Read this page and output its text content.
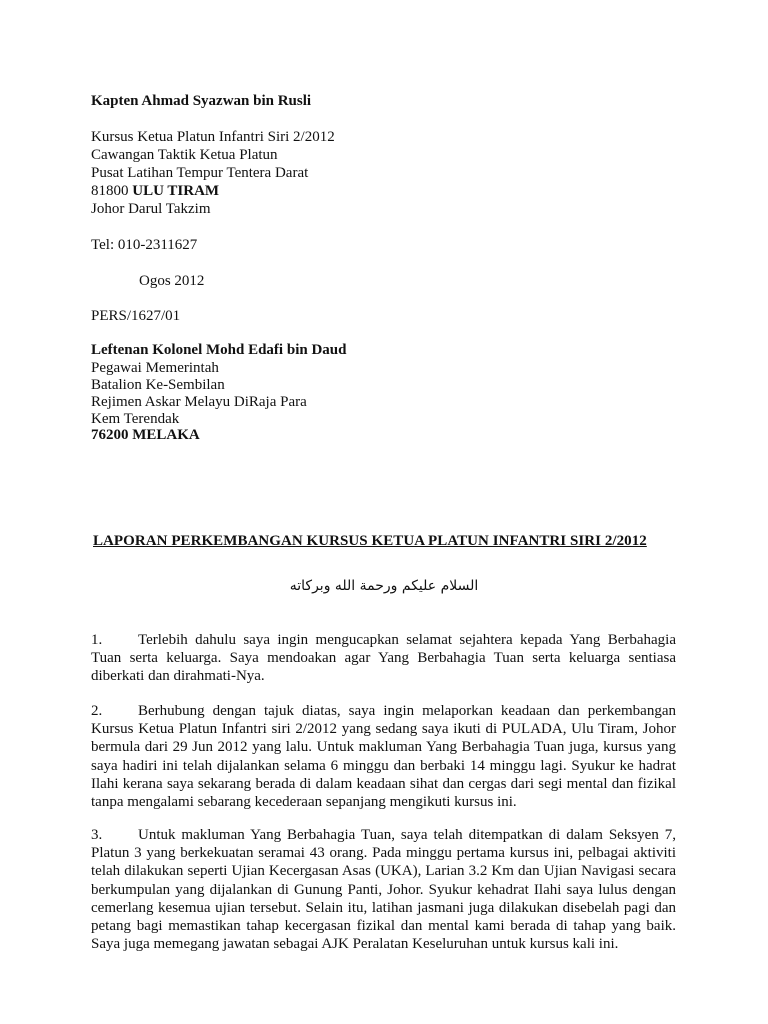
Kapten Ahmad Syazwan bin Rusli
Kursus Ketua Platun Infantri Siri 2/2012
Cawangan Taktik Ketua Platun
Pusat Latihan Tempur Tentera Darat
81800 ULU TIRAM
Johor Darul Takzim
Tel: 010-2311627
Ogos 2012
PERS/1627/01
Leftenan Kolonel Mohd Edafi bin Daud
Pegawai Memerintah
Batalion Ke-Sembilan
Rejimen Askar Melayu DiRaja Para
Kem Terendak
76200 MELAKA
LAPORAN PERKEMBANGAN KURSUS KETUA PLATUN INFANTRI SIRI 2/2012
السلام عليكم ورحمة الله وبركاته
1. Terlebih dahulu saya ingin mengucapkan selamat sejahtera kepada Yang Berbahagia Tuan serta keluarga. Saya mendoakan agar Yang Berbahagia Tuan serta keluarga sentiasa diberkati dan dirahmati-Nya.
2. Berhubung dengan tajuk diatas, saya ingin melaporkan keadaan dan perkembangan Kursus Ketua Platun Infantri siri 2/2012 yang sedang saya ikuti di PULADA, Ulu Tiram, Johor bermula dari 29 Jun 2012 yang lalu. Untuk makluman Yang Berbahagia Tuan juga, kursus yang saya hadiri ini telah dijalankan selama 6 minggu dan berbaki 14 minggu lagi. Syukur ke hadrat Ilahi kerana saya sekarang berada di dalam keadaan sihat dan cergas dari segi mental dan fizikal tanpa mengalami sebarang kecederaan sepanjang mengikuti kursus ini.
3. Untuk makluman Yang Berbahagia Tuan, saya telah ditempatkan di dalam Seksyen 7, Platun 3 yang berkekuatan seramai 43 orang. Pada minggu pertama kursus ini, pelbagai aktiviti telah dilakukan seperti Ujian Kecergasan Asas (UKA), Larian 3.2 Km dan Ujian Navigasi secara berkumpulan yang dijalankan di Gunung Panti, Johor. Syukur kehadrat Ilahi saya lulus dengan cemerlang kesemua ujian tersebut. Selain itu, latihan jasmani juga dilakukan disebelah pagi dan petang bagi memastikan tahap kecergasan fizikal dan mental kami berada di tahap yang baik. Saya juga memegang jawatan sebagai AJK Peralatan Keseluruhan untuk kursus kali ini.
